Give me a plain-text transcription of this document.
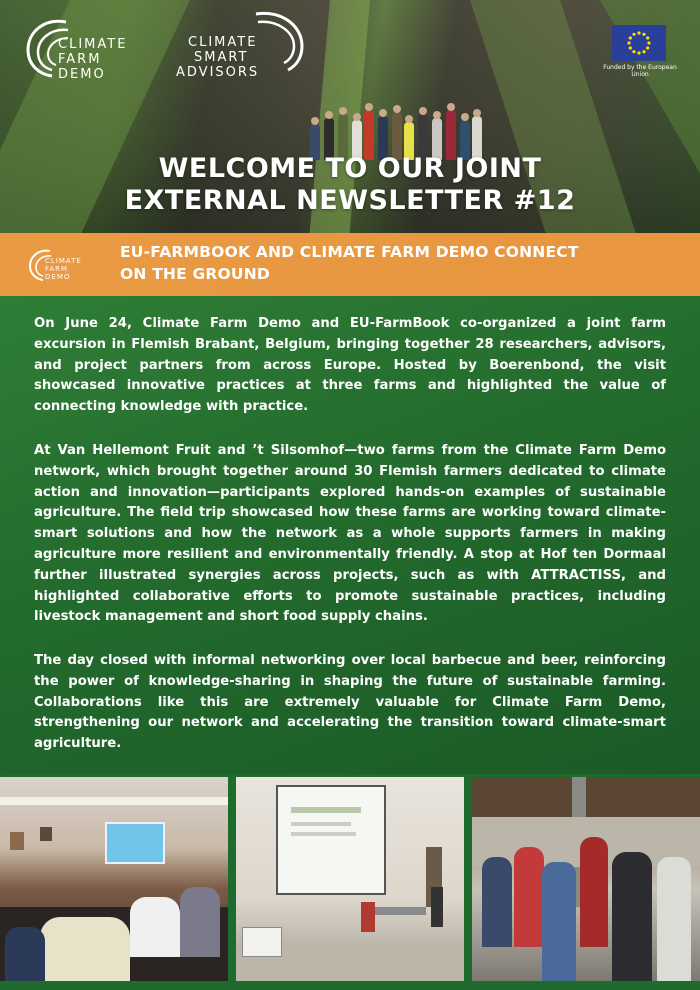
CLIMATE
FARM
DEMO
CLIMATE
SMART
ADVISORS	Funded by the European Union
WELCOME TO OUR JOINT
EXTERNAL NEWSLETTER #12
CLIMATE
FARM
DEMO
EU-FARMBOOK AND CLIMATE FARM DEMO CONNECT
ON THE GROUND

On June 24, Climate Farm Demo and EU-FarmBook co-organized a joint farm excursion in Flemish Brabant, Belgium, bringing together 28 researchers, advisors, and project partners from across Europe. Hosted by Boerenbond, the visit showcased innovative practices at three farms and highlighted the value of connecting knowledge with practice.

At Van Hellemont Fruit and ’t Silsomhof—two farms from the Climate Farm Demo network, which brought together around 30 Flemish farmers dedicated to climate action and innovation—participants explored hands-on examples of sustainable agriculture. The field trip showcased how these farms are working toward climate-smart solutions and how the network as a whole supports farmers in making agriculture more resilient and environmentally friendly. A stop at Hof ten Dormaal further illustrated synergies across projects, such as with ATTRACTISS, and highlighted collaborative efforts to promote sustainable practices, including livestock management and short food supply chains.

The day closed with informal networking over local barbecue and beer, reinforcing the power of knowledge-sharing in shaping the future of sustainable farming. Collaborations like this are extremely valuable for Climate Farm Demo, strengthening our network and accelerating the transition toward climate-smart agriculture.
